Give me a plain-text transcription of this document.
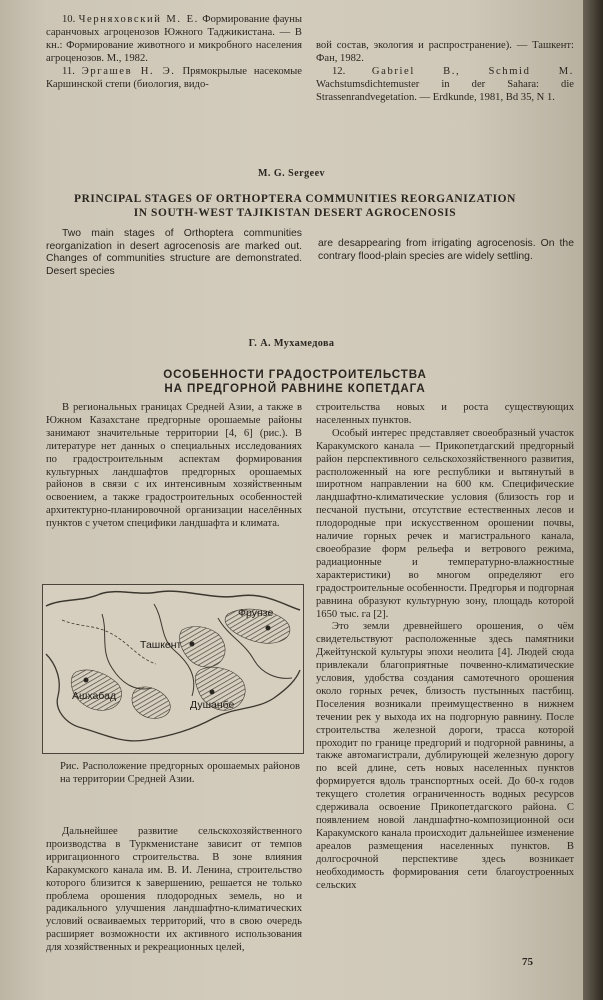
10. Черняховский М. Е. Формирование фауны саранчовых агроценозов Южного Таджикистана. — В кн.: Формирование животного и микробного населения агроценозов. М., 1982.

11. Эргашев Н. Э. Прямокрылые насекомые Каршинской степи (биология, видо-

вой состав, экология и распространение). — Ташкент: Фан, 1982.

12.	Gabriel B., Schmid M. Wachstumsdichtemuster in der Sahara: die Strassenrandvegetation. — Erdkunde, 1981, Bd 35, N 1.

M. G. Sergeev
PRINCIPAL STAGES OF ORTHOPTERA COMMUNITIES REORGANIZATION
IN SOUTH-WEST TAJIKISTAN DESERT AGROCENOSIS

Two main stages of Orthoptera communities reorganization in desert agrocenosis are marked out. Changes of communities structure are demonstrated. Desert species

are desappearing from irrigating agrocenosis. On the contrary flood-plain species are widely settling.

Г. А. Мухамедова
ОСОБЕННОСТИ ГРАДОСТРОИТЕЛЬСТВА
НА ПРЕДГОРНОЙ РАВНИНЕ КОПЕТДАГА

В региональных границах Средней Азии, а также в Южном Казахстане предгорные орошаемые районы занимают значительные территории [4, 6] (рис.). В литературе нет данных о специальных исследованиях по градостроительным аспектам формирования культурных ландшафтов предгорных орошаемых районов в связи с их интенсивным хозяйственным освоением, а также градостроительных особенностей архитектурно-планировочной организации населённых пунктов с учетом специфики ландшафта и климата.

Фрунзе
Ташкент
Ашхабад
Душанбе

Рис. Расположение предгорных орошаемых районов на территории Средней Азии.

Дальнейшее развитие сельскохозяйственного производства в Туркменистане зависит от темпов ирригационного строительства. В зоне влияния Каракумского канала им. В. И. Ленина, строительство которого близится к завершению, решается не только проблема орошения плодородных земель, но и радикального улучшения ландшафтно-климатических условий осваиваемых территорий, что в свою очередь расширяет возможности их активного использования для хозяйственных и рекреационных целей,

строительства новых и роста существующих населенных пунктов.

Особый интерес представляет своеобразный участок Каракумского канала — Прикопетдагский предгорный район перспективного сельскохозяйственного развития, расположенный на юге республики и вытянутый в широтном направлении на 600 км. Специфические ландшафтно-климатические условия (близость гор и песчаной пустыни, отсутствие естественных лесов и плодородные при искусственном орошении почвы, наличие горных речек и магистрального канала, своеобразие форм рельефа и ветрового режима, радиационные и температурно-влажностные характеристики) во многом определяют его градостроительные особенности. Предгорья и подгорная равнина образуют культурную зону, площадь которой 1650 тыс. га [2].

Это земли древнейшего орошения, о чём свидетельствуют расположенные здесь памятники Джейтунской культуры эпохи неолита [4]. Людей сюда привлекали благоприятные почвенно-климатические условия, удобства создания самотечного орошения около горных речек, близость пустынных пастбищ. Поселения возникали преимущественно в нижнем течении рек у выхода их на подгорную равнину. После строительства железной дороги, трасса которой проходит по границе предгорий и подгорной равнины, а также автомагистрали, дублирующей железную дорогу по всей длине, сеть новых населенных пунктов формируется вдоль транспортных осей. До 60-х годов текущего столетия ограниченность водных ресурсов сдерживала освоение Прикопетдагского района. С появлением новой ландшафтно-композиционной оси Каракумского канала происходит дальнейшее изменение ареалов размещения населенных пунктов. В долгосрочной перспективе здесь возникает необходимость формирования сети благоустроенных сельских

75
